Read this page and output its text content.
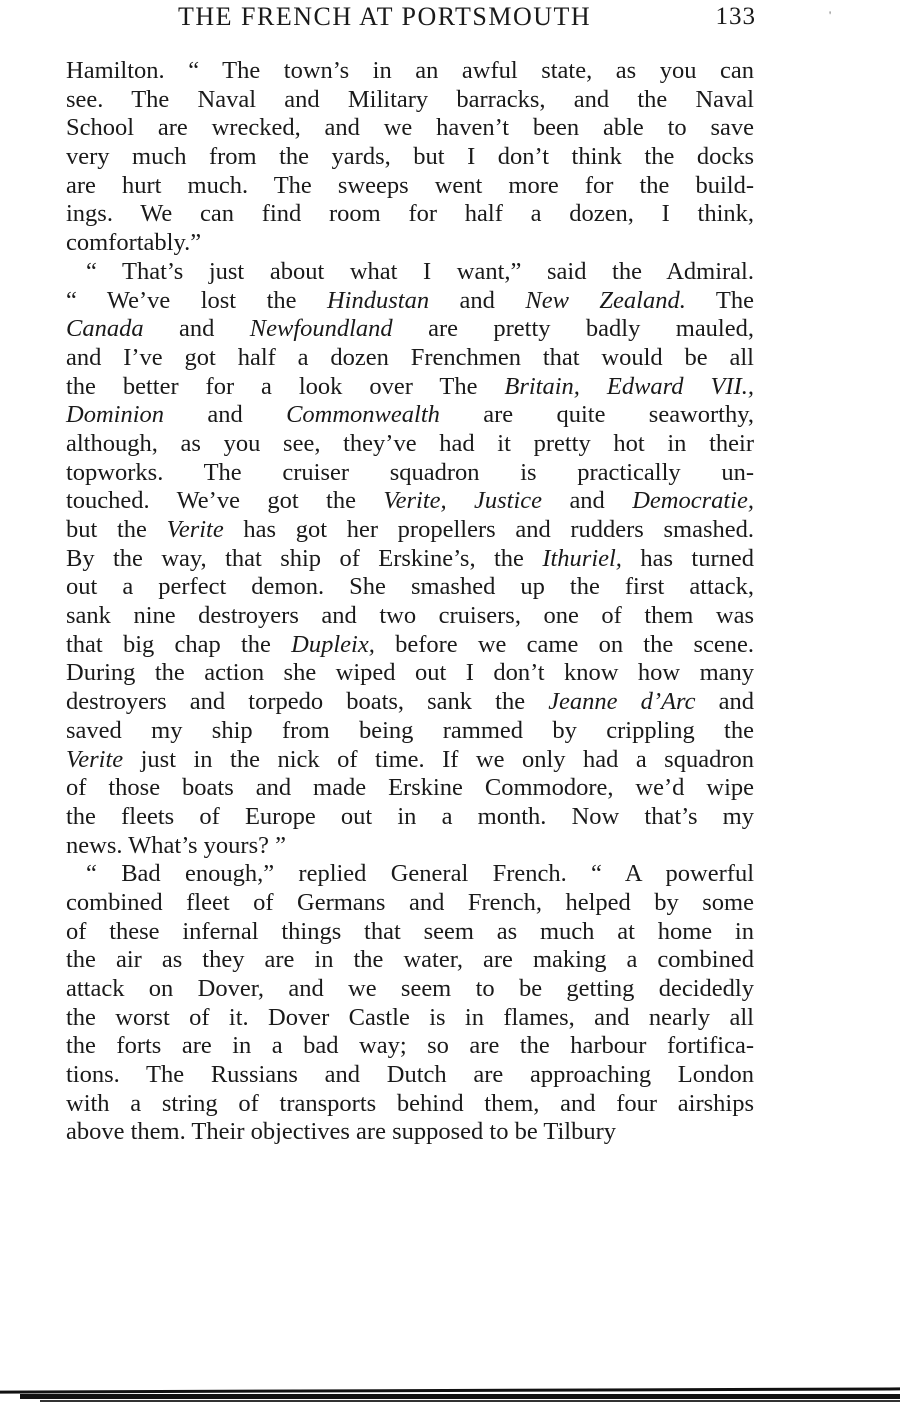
THE FRENCH AT PORTSMOUTH	133	'
Hamilton. “ The town’s in an awful state, as you can
see. The Naval and Military barracks, and the Naval
School are wrecked, and we haven’t been able to save
very much from the yards, but I don’t think the docks
are hurt much. The sweeps went more for the build-
ings. We can find room for half a dozen, I think,
comfortably.”
“ That’s just about what I want,” said the Admiral.
“ We’ve lost the Hindustan and New Zealand. The
Canada and Newfoundland are pretty badly mauled,
and I’ve got half a dozen Frenchmen that would be all
the better for a look over The Britain, Edward VII.,
Dominion and Commonwealth are quite seaworthy,
although, as you see, they’ve had it pretty hot in their
topworks. The cruiser squadron is practically un-
touched. We’ve got the Verite, Justice and Democratie,
but the Verite has got her propellers and rudders smashed.
By the way, that ship of Erskine’s, the Ithuriel, has turned
out a perfect demon. She smashed up the first attack,
sank nine destroyers and two cruisers, one of them was
that big chap the Dupleix, before we came on the scene.
During the action she wiped out I don’t know how many
destroyers and torpedo boats, sank the Jeanne d’Arc and
saved my ship from being rammed by crippling the
Verite just in the nick of time. If we only had a squadron
of those boats and made Erskine Commodore, we’d wipe
the fleets of Europe out in a month. Now that’s my
news. What’s yours? ”
“ Bad enough,” replied General French. “ A powerful
combined fleet of Germans and French, helped by some
of these infernal things that seem as much at home in
the air as they are in the water, are making a combined
attack on Dover, and we seem to be getting decidedly
the worst of it. Dover Castle is in flames, and nearly all
the forts are in a bad way; so are the harbour fortifica-
tions. The Russians and Dutch are approaching London
with a string of transports behind them, and four airships
above them. Their objectives are supposed to be Tilbury
